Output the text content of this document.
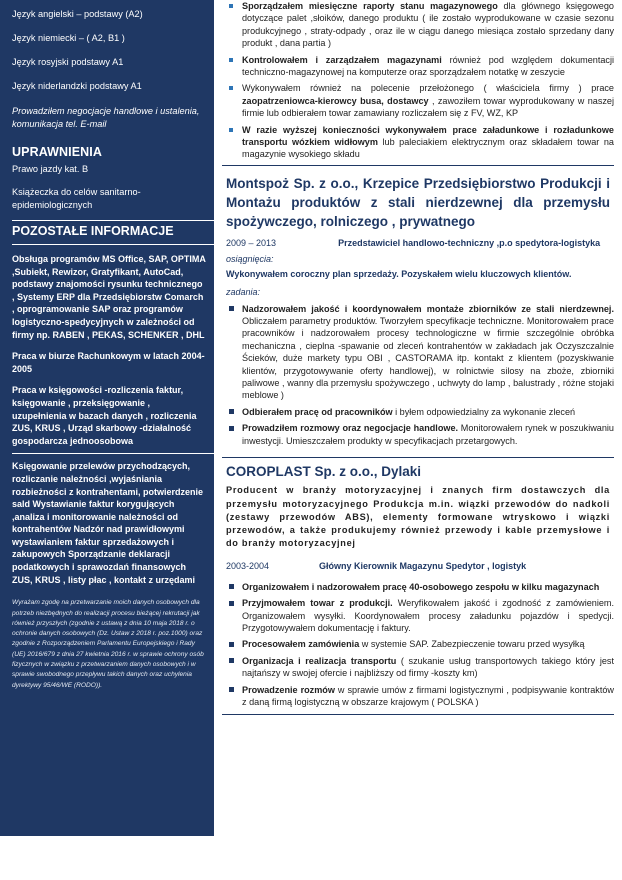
Język angielski – podstawy (A2)
Język niemiecki – ( A2, B1 )
Język rosyjski podstawy A1
Język niderlandzki podstawy A1
Prowadziłem negocjacje handlowe i ustalenia, komunikacja tel. E-mail
UPRAWNIENIA
Prawo jazdy kat. B
Książeczka do celów sanitarno-epidemiologicznych
POZOSTAŁE INFORMACJE

Obsługa programów MS Office, SAP, OPTIMA ,Subiekt, Rewizor, Gratyfikant, AutoCad, podstawy znajomości rysunku technicznego , Systemy ERP dla Przedsiębiorstw Comarch , oprogramowanie SAP oraz programów logistyczno-spedycyjnych w zależności od firmy np. RABEN , PEKAS, SCHENKER , DHL

Praca w biurze Rachunkowym w latach 2004-2005

Praca w księgowości -rozliczenia faktur, księgowanie , przeksięgowanie , uzupełnienia w bazach danych , rozliczenia ZUS, KRUS , Urząd skarbowy -działalność gospodarcza jednoosobowa

Księgowanie przelewów przychodzących, rozliczanie należności ,wyjaśniania rozbieżności z kontrahentami, potwierdzenie sald Wystawianie faktur korygujących ,analiza i monitorowanie należności od kontrahentów Nadzór nad prawidłowymi wystawianiem faktur sprzedażowych i zakupowych Sporządzanie deklaracji podatkowych i sprawozdań finansowych ZUS, KRUS , listy płac , kontakt z urzędami

Wyrażam zgodę na przetwarzanie moich danych osobowych dla potrzeb niezbędnych do realizacji procesu bieżącej rekrutacji jak również przyszłych (zgodnie z ustawą z dnia 10 maja 2018 r. o ochronie danych osobowych (Dz. Ustaw z 2018 r. poz.1000) oraz zgodnie z Rozporządzeniem Parlamentu Europejskiego i Rady (UE) 2016/679 z dnia 27 kwietnia 2016 r. w sprawie ochrony osób fizycznych w związku z przetwarzaniem danych osobowych i w sprawie swobodnego przepływu takich danych oraz uchylenia dyrektywy 95/46/WE (RODO)).
Sporządzałem miesięczne raporty stanu magazynowego dla głównego księgowego dotyczące palet ,słoików, danego produktu ( ile zostało wyprodukowane w czasie sezonu produkcyjnego , straty-odpady , oraz ile w ciągu danego miesiąca zostało sprzedany dany produkt , dana partia )
Kontrolowałem i zarządzałem magazynami również pod względem dokumentacji techniczno-magazynowej na komputerze oraz sporządzałem notatkę w zeszycie
Wykonywałem również na polecenie przełożonego ( właściciela firmy ) prace zaopatrzeniowca-kierowcy busa, dostawcy , zawoziłem towar wyprodukowany w naszej firmie lub odbierałem towar zamawiany rozliczałem się z FV, WZ, KP
W razie wyższej konieczności wykonywałem prace załadunkowe i rozładunkowe transportu wózkiem widłowym lub paleciakiem elektrycznym oraz składałem towar na magazynie wysokiego składu
Montspoż Sp. z o.o., Krzepice Przedsiębiorstwo Produkcji i Montażu produktów z stali nierdzewnej dla przemysłu spożywczego, rolniczego , prywatnego
2009 – 2013	Przedstawiciel handlowo-techniczny ,p.o spedytora-logistyka
osiągnięcia:
Wykonywałem coroczny plan sprzedaży. Pozyskałem wielu kluczowych klientów.
zadania:
Nadzorowałem jakość i koordynowałem montaże zbiorników ze stali nierdzewnej. Obliczałem parametry produktów. Tworzyłem specyfikacje techniczne. Monitorowałem prace pracowników i nadzorowałem procesy technologiczne w firmie szczególnie obróbka mechaniczna , cieplna -spawanie od zleceń kontrahentów w zakładach jak Oczyszczalnie Ścieków, duże markety typu OBI , CASTORAMA itp. kontakt z klientem (pozyskiwanie klientów, przygotowywanie oferty handlowej), w rolnictwie silosy na zboże, zbiorniki paliwowe , wanny dla przemysłu spożywczego , uchwyty do lamp , balustrady , różne stojaki meblowe )
Odbierałem pracę od pracowników i byłem odpowiedzialny za wykonanie zleceń
Prowadziłem rozmowy oraz negocjacje handlowe. Monitorowałem rynek w poszukiwaniu inwestycji. Umieszczałem produkty w specyfikacjach przetargowych.
COROPLAST Sp. z o.o., Dylaki
Producent w branży motoryzacyjnej i znanych firm dostawczych dla przemysłu motoryzacyjnego Produkcja m.in. wiązki przewodów do nadkoli (zestawy przewodów ABS), elementy formowane wtryskowo i wiązki przewodów, a także produkujemy również przewody i kable przemysłowe i do branży motoryzacyjnej
2003-2004	Główny Kierownik Magazynu Spedytor , logistyk
Organizowałem i nadzorowałem pracę 40-osobowego zespołu w kilku magazynach
Przyjmowałem towar z produkcji. Weryfikowałem jakość i zgodność z zamówieniem. Organizowałem wysyłki. Koordynowałem procesy załadunku pojazdów i spedycji. Przygotowywałem dokumentację i faktury.
Procesowałem zamówienia w systemie SAP. Zabezpieczenie towaru przed wysyłką
Organizacja i realizacja transportu ( szukanie usług transportowych takiego który jest najtańszy w swojej ofercie i najbliższy od firmy -koszty km)
Prowadzenie rozmów w sprawie umów z firmami logistycznymi , podpisywanie kontraktów z daną firmą logistyczną w obszarze krajowym ( POLSKA )
